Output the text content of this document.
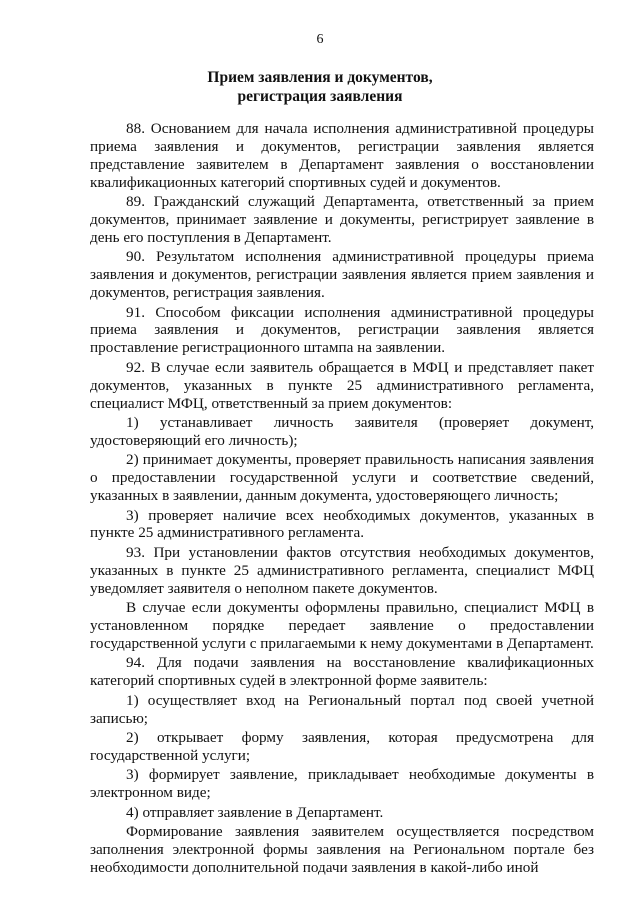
6
Прием заявления и документов,
регистрация заявления

88. Основанием для начала исполнения административной процедуры приема заявления и документов, регистрации заявления является представление заявителем в Департамент заявления о восстановлении квалификационных категорий спортивных судей и документов.

89. Гражданский служащий Департамента, ответственный за прием документов, принимает заявление и документы, регистрирует заявление в день его поступления в Департамент.

90. Результатом исполнения административной процедуры приема заявления и документов, регистрации заявления является прием заявления и документов, регистрация заявления.

91. Способом фиксации исполнения административной процедуры приема заявления и документов, регистрации заявления является проставление регистрационного штампа на заявлении.

92. В случае если заявитель обращается в МФЦ и представляет пакет документов, указанных в пункте 25 административного регламента, специалист МФЦ, ответственный за прием документов:

1) устанавливает личность заявителя (проверяет документ, удостоверяющий его личность);

2) принимает документы, проверяет правильность написания заявления о предоставлении государственной услуги и соответствие сведений, указанных в заявлении, данным документа, удостоверяющего личность;

3) проверяет наличие всех необходимых документов, указанных в пункте 25 административного регламента.

93. При установлении фактов отсутствия необходимых документов, указанных в пункте 25 административного регламента, специалист МФЦ уведомляет заявителя о неполном пакете документов.

В случае если документы оформлены правильно, специалист МФЦ в установленном порядке передает заявление о предоставлении государственной услуги с прилагаемыми к нему документами в Департамент.

94. Для подачи заявления на восстановление квалификационных категорий спортивных судей в электронной форме заявитель:

1) осуществляет вход на Региональный портал под своей учетной записью;

2) открывает форму заявления, которая предусмотрена для государственной услуги;

3) формирует заявление, прикладывает необходимые документы в электронном виде;

4) отправляет заявление в Департамент.

Формирование заявления заявителем осуществляется посредством заполнения электронной формы заявления на Региональном портале без необходимости дополнительной подачи заявления в какой-либо иной
